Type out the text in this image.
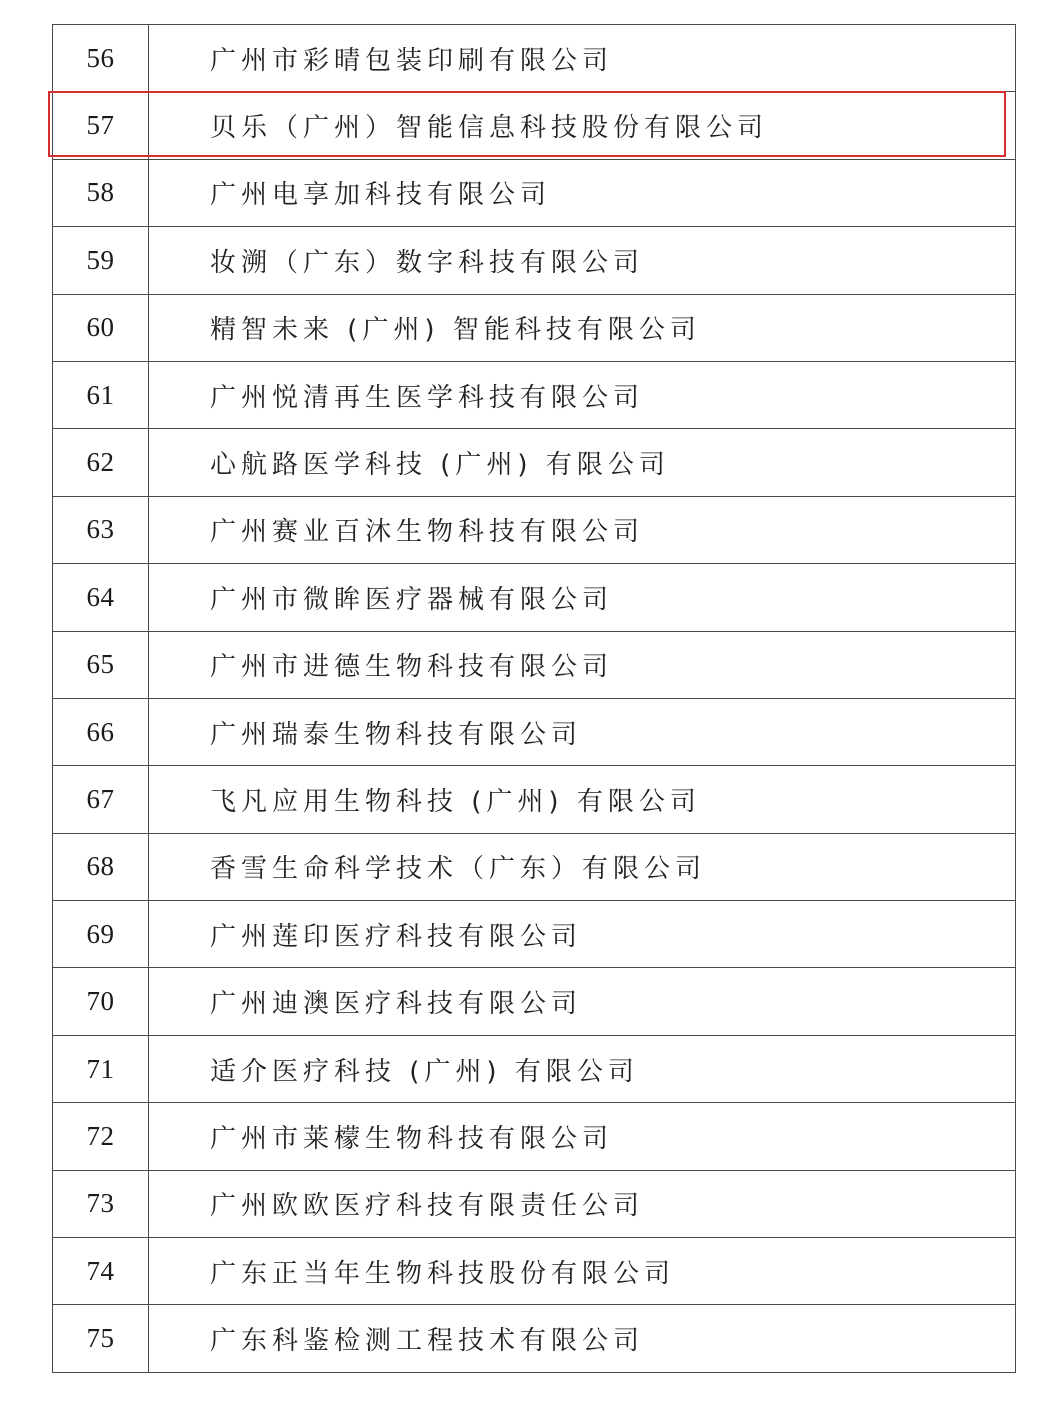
56	广州市彩晴包装印刷有限公司
57	贝乐（广州）智能信息科技股份有限公司
58	广州电享加科技有限公司
59	妆溯（广东）数字科技有限公司
60	精智未来 (广州) 智能科技有限公司
61	广州悦清再生医学科技有限公司
62	心航路医学科技 (广州) 有限公司
63	广州赛业百沐生物科技有限公司
64	广州市微眸医疗器械有限公司
65	广州市进德生物科技有限公司
66	广州瑞泰生物科技有限公司
67	飞凡应用生物科技 (广州) 有限公司
68	香雪生命科学技术（广东）有限公司
69	广州莲印医疗科技有限公司
70	广州迪澳医疗科技有限公司
71	适介医疗科技 (广州) 有限公司
72	广州市莱檬生物科技有限公司
73	广州欧欧医疗科技有限责任公司
74	广东正当年生物科技股份有限公司
75	广东科鉴检测工程技术有限公司
